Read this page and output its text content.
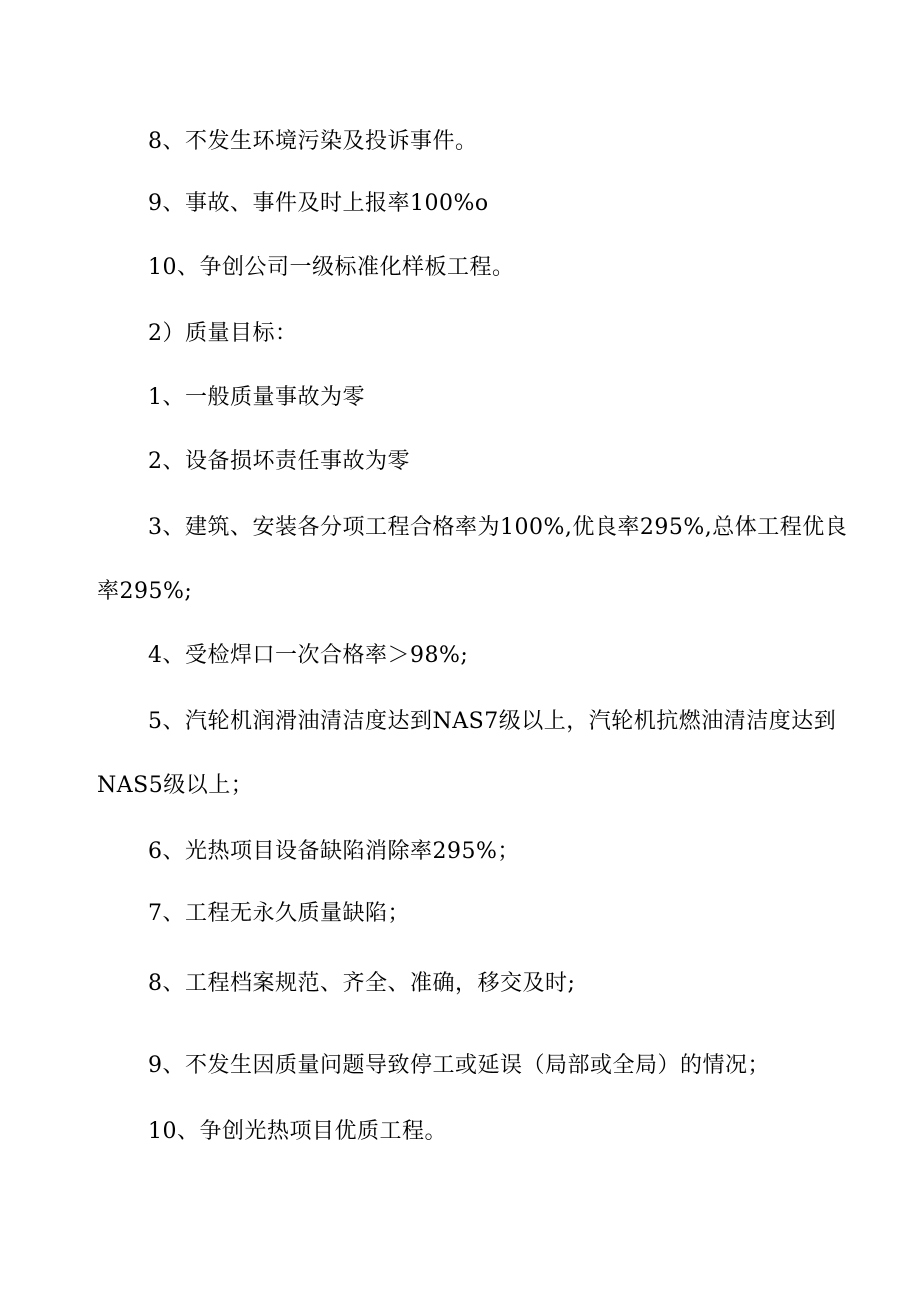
8、不发生环境污染及投诉事件。
9、事故、事件及时上报率100%o
10、争创公司一级标准化样板工程。
2）质量目标：
1、一般质量事故为零
2、设备损坏责任事故为零
3、建筑、安装各分项工程合格率为100%,优良率295%,总体工程优良
率295%;
4、受检焊口一次合格率＞98%;
5、汽轮机润滑油清洁度达到NAS7级以上，汽轮机抗燃油清洁度达到
NAS5级以上；
6、光热项目设备缺陷消除率295%；
7、工程无永久质量缺陷；
8、工程档案规范、齐全、准确，移交及时;
9、不发生因质量问题导致停工或延误（局部或全局）的情况；
10、争创光热项目优质工程。
